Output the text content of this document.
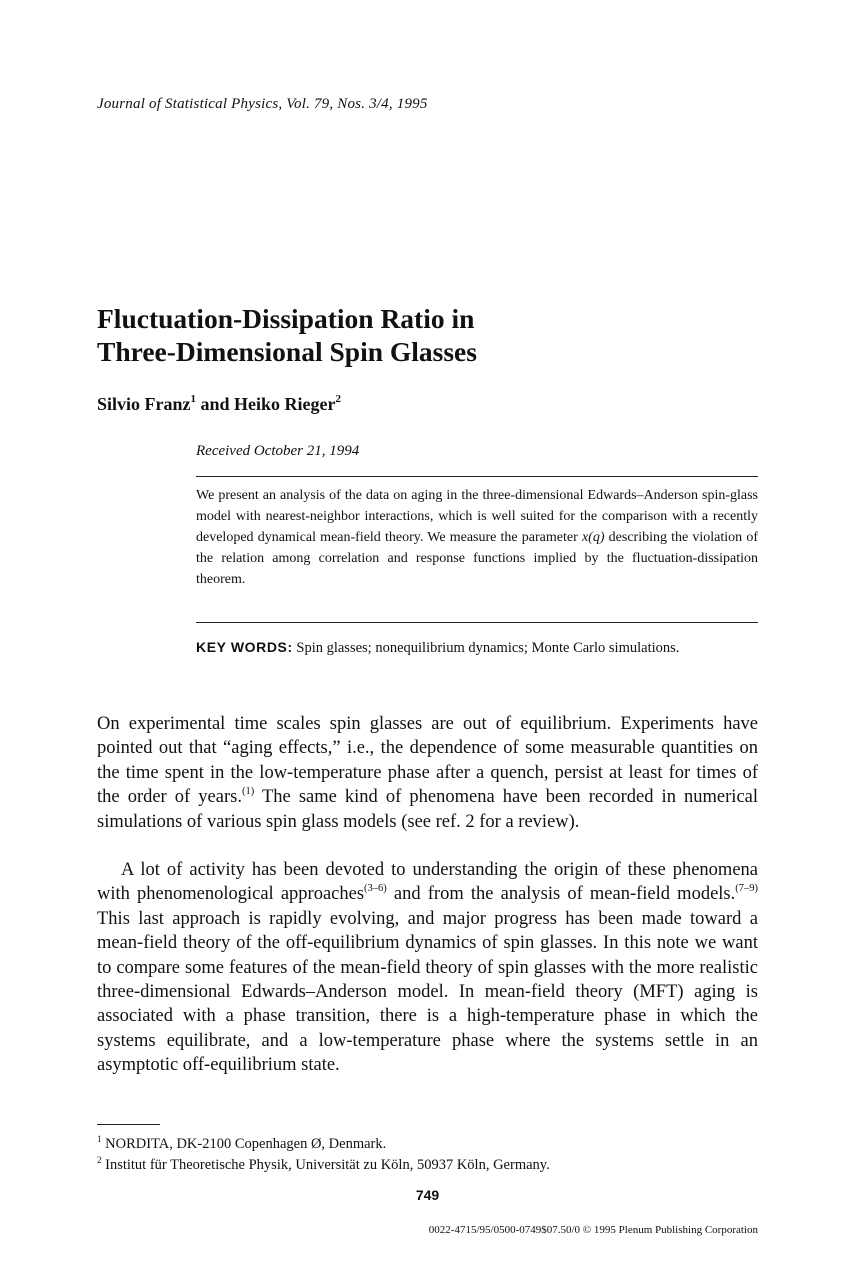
Journal of Statistical Physics, Vol. 79, Nos. 3/4, 1995
Fluctuation-Dissipation Ratio in
Three-Dimensional Spin Glasses
Silvio Franz$^1$ and Heiko Rieger$^2$
Received October 21, 1994
We present an analysis of the data on aging in the three-dimensional Edwards–Anderson spin-glass model with nearest-neighbor interactions, which is well suited for the comparison with a recently developed dynamical mean-field theory. We measure the parameter x(q) describing the violation of the relation among correlation and response functions implied by the fluctuation-dissipation theorem.
KEY WORDS: Spin glasses; nonequilibrium dynamics; Monte Carlo simulations.

On experimental time scales spin glasses are out of equilibrium. Experiments have pointed out that “aging effects,” i.e., the dependence of some measurable quantities on the time spent in the low-temperature phase after a quench, persist at least for times of the order of years.$^{(1)}$ The same kind of phenomena have been recorded in numerical simulations of various spin glass models (see ref. 2 for a review).

A lot of activity has been devoted to understanding the origin of these phenomena with phenomenological approaches$^{(3-6)}$ and from the analysis of mean-field models.$^{(7-9)}$ This last approach is rapidly evolving, and major progress has been made toward a mean-field theory of the off-equilibrium dynamics of spin glasses. In this note we want to compare some features of the mean-field theory of spin glasses with the more realistic three-dimensional Edwards–Anderson model. In mean-field theory (MFT) aging is associated with a phase transition, there is a high-temperature phase in which the systems equilibrate, and a low-temperature phase where the systems settle in an asymptotic off-equilibrium state.

$^1$ NORDITA, DK-2100 Copenhagen Ø, Denmark.
$^2$ Institut für Theoretische Physik, Universität zu Köln, 50937 Köln, Germany.
749
0022-4715/95/0500-0749$07.50/0 © 1995 Plenum Publishing Corporation
